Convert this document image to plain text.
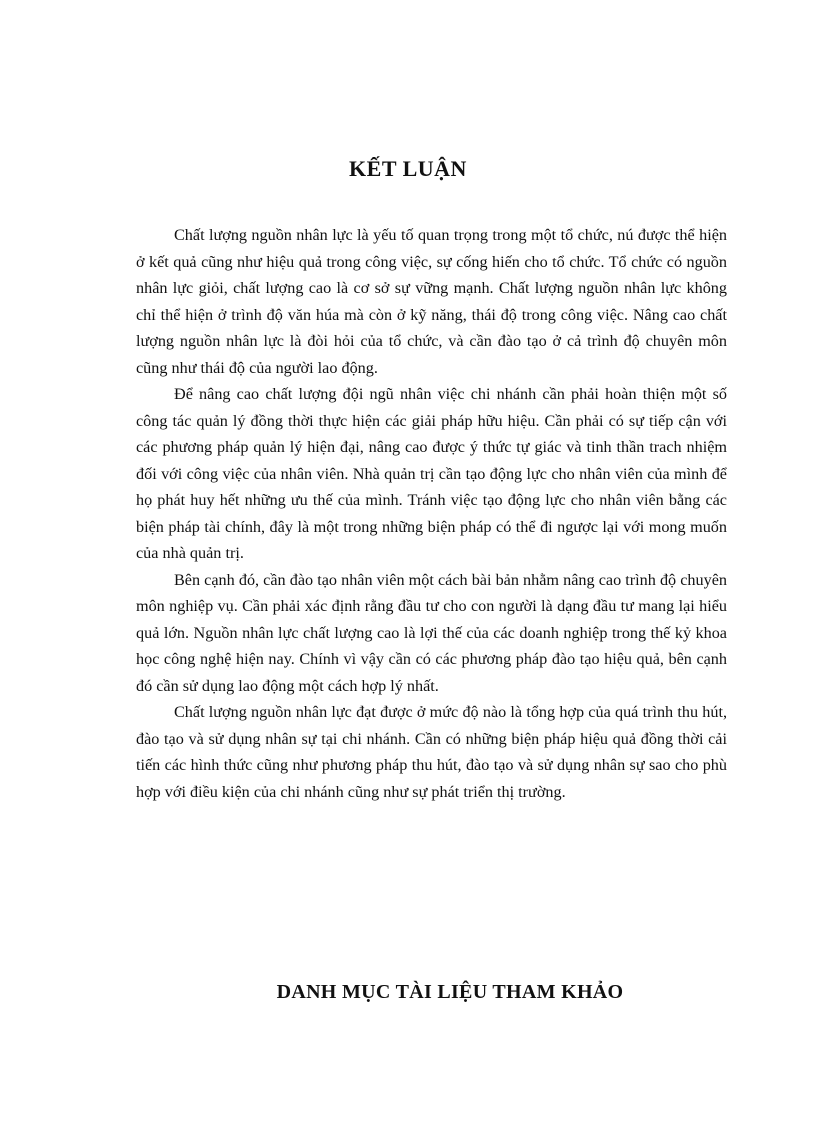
KẾT LUẬN

Chất lượng nguồn nhân lực là yếu tố quan trọng trong một tổ chức, nú được thể hiện ở kết quả cũng như hiệu quả trong công việc, sự cống hiến cho tổ chức. Tổ chức có nguồn nhân lực giỏi, chất lượng cao là cơ sở sự vững mạnh. Chất lượng nguồn nhân lực không chỉ thể hiện ở trình độ văn húa mà còn ở kỹ năng, thái độ trong công việc. Nâng cao chất lượng nguồn nhân lực là đòi hỏi của tổ chức, và cần đào tạo ở cả trình độ chuyên môn cũng như thái độ của người lao động.

Để nâng cao chất lượng đội ngũ nhân việc chi nhánh cần phải hoàn thiện một số công tác quản lý đồng thời thực hiện các giải pháp hữu hiệu. Cần phải có sự tiếp cận với các phương pháp quản lý hiện đại, nâng cao được ý thức tự giác và tinh thần trach nhiệm đối với công việc của nhân viên. Nhà quản trị cần tạo động lực cho nhân viên của mình để họ phát huy hết những ưu thế của mình. Tránh việc tạo động lực cho nhân viên bằng các biện pháp tài chính, đây là một trong những biện pháp có thể đi ngược lại với mong muốn của nhà quản trị.

Bên cạnh đó, cần đào tạo nhân viên một cách bài bản nhằm nâng cao trình độ chuyên môn nghiệp vụ. Cần phải xác định rằng đầu tư cho con người là dạng đầu tư mang lại hiểu quả lớn. Nguồn nhân lực chất lượng cao là lợi thế của các doanh nghiệp trong thế kỷ khoa học công nghệ hiện nay. Chính vì vậy cần có các phương pháp đào tạo hiệu quả, bên cạnh đó cần sử dụng lao động một cách hợp lý nhất.

Chất lượng nguồn nhân lực đạt được ở mức độ nào là tổng hợp của quá trình thu hút, đào tạo và sử dụng nhân sự tại chi nhánh. Cần có những biện pháp hiệu quả đồng thời cải tiến các hình thức cũng như phương pháp thu hút, đào tạo và sử dụng nhân sự sao cho phù hợp với điều kiện của chi nhánh cũng như sự phát triển thị trường.

DANH MỤC TÀI LIỆU THAM KHẢO
